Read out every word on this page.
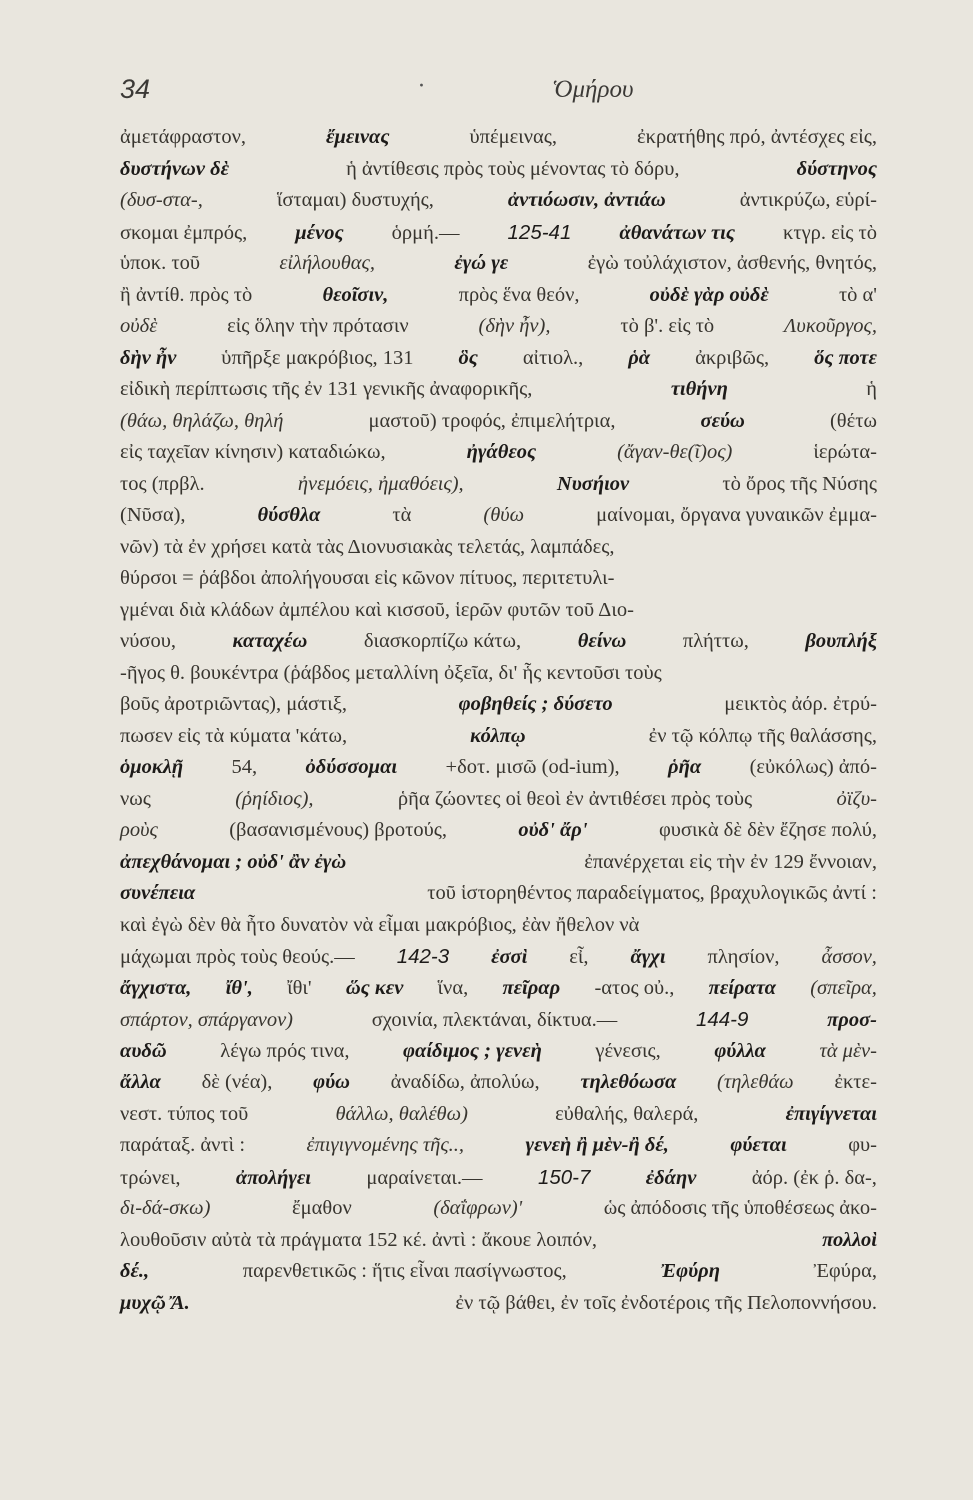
34	·	Ὁμήρου
ἀμετάφραστον,	ἔμεινας	ὑπέμεινας,	ἐκρατήθης πρό, ἀντέσχες εἰς,
δυστήνων δὲ	ἡ ἀντίθεσις πρὸς τοὺς μένοντας τὸ δόρυ,	δύστηνος
(δυσ-στα-,	ἵσταμαι) δυστυχής,	ἀντιόωσιν, ἀντιάω	ἀντικρύζω, εὑρί-
σκομαι ἐμπρός, μένος ὁρμή.— 125-41 ἀθανάτων τις κτγρ. εἰς τὸ
ὑποκ. τοῦ	εἰλήλουθας,	ἐγώ γε	ἐγὼ τοὐλάχιστον, ἀσθενής, θνητός,
ἢ ἀντίθ. πρὸς τὸ	θεοῖσιν,	πρὸς ἕνα θεόν,	οὐδὲ γὰρ οὐδὲ	τὸ α'
οὐδὲ	εἰς ὅλην τὴν πρότασιν	(δὴν ἦν),	τὸ β'. εἰς τὸ	Λυκοῦργος,
δὴν ἦν ὑπῆρξε μακρόβιος, 131 ὃς αἰτιολ., ῥὰ ἀκριβῶς, ὅς ποτε
εἰδικὴ περίπτωσις τῆς ἐν 131 γενικῆς ἀναφορικῆς,	τιθήνη	ἡ
(θάω, θηλάζω, θηλή	μαστοῦ) τροφός, ἐπιμελήτρια,	σεύω	(θέτω
εἰς ταχεῖαν κίνησιν) καταδιώκω,	ἠγάθεος	(ἄγαν-θε(ῖ)ος)	ἱερώτα-
τος (πρβλ.	ἠνεμόεις, ἠμαθόεις),	Νυσήιον	τὸ ὄρος τῆς Νύσης
(Νῦσα),	θύσθλα	τὰ	(θύω	μαίνομαι, ὄργανα γυναικῶν ἐμμα-
νῶν) τὰ ἐν χρήσει κατὰ τὰς Διονυσιακὰς τελετάς, λαμπάδες,
θύρσοι = ῥάβδοι ἀπολήγουσαι εἰς κῶνον πίτυος, περιτετυλι-
γμέναι διὰ κλάδων ἀμπέλου καὶ κισσοῦ, ἱερῶν φυτῶν τοῦ Διο-
νύσου,	καταχέω	διασκορπίζω κάτω,	θείνω	πλήττω,	βουπλήξ
-ῆγος θ. βουκέντρα (ῥάβδος μεταλλίνη ὀξεῖα, δι' ἧς κεντοῦσι τοὺς
βοῦς ἀροτριῶντας), μάστιξ,	φοβηθείς ; δύσετο	μεικτὸς ἀόρ. ἐτρύ-
πωσεν εἰς τὰ κύματα 'κάτω,	κόλπῳ	ἐν τῷ κόλπῳ τῆς θαλάσσης,
ὁμοκλῇ 54, ὀδύσσομαι +δοτ. μισῶ (od-ium), ῥῆα (εὐκόλως) ἀπό-
νως	(ῥηίδιος),	ῥῆα ζώοντες οἱ θεοὶ ἐν ἀντιθέσει πρὸς τοὺς	ὀϊζυ-
ροὺς	(βασανισμένους) βροτούς,	οὐδ' ἄρ'	φυσικὰ δὲ δὲν ἔζησε πολύ,
ἀπεχθάνομαι ; οὐδ' ἂν ἐγὼ	ἐπανέρχεται εἰς τὴν ἐν 129 ἔννοιαν,
συνέπεια	τοῦ ἱστορηθέντος παραδείγματος, βραχυλογικῶς ἀντί :
καὶ ἐγὼ δὲν θὰ ἦτο δυνατὸν νὰ εἶμαι μακρόβιος, ἐὰν ἤθελον νὰ
μάχωμαι πρὸς τοὺς θεούς.— 142-3 ἐσσὶ εἶ, ἄγχι πλησίον, ἆσσον,
ἄγχιστα, ἴθ', ἴθι' ὥς κεν ἵνα, πεῖραρ -ατος οὐ., πείρατα (σπεῖρα,
σπάρτον, σπάργανον)	σχοινία, πλεκτάναι, δίκτυα.—	144-9	προσ-
αυδῶ	λέγω πρός τινα,	φαίδιμος ; γενεὴ	γένεσις,	φύλλα	τὰ μὲν-
ἄλλα δὲ (νέα), φύω ἀναδίδω, ἀπολύω, τηλεθόωσα (τηλεθάω ἐκτε-
νεστ. τύπος τοῦ	θάλλω, θαλέθω)	εὐθαλής, θαλερά,	ἐπιγίγνεται
παράταξ. ἀντὶ :	ἐπιγιγνομένης τῆς..,	γενεὴ ἢ μὲν-ἢ δέ,	φύεται	φυ-
τρώνει,	ἀπολήγει	μαραίνεται.—	150-7	ἐδάην	ἀόρ. (ἐκ ῥ. δα-,
δι-δά-σκω)	ἔμαθον	(δαΐφρων)'	ὡς ἀπόδοσις τῆς ὑποθέσεως ἀκο-
λουθοῦσιν αὐτὰ τὰ πράγματα 152 κέ. ἀντὶ : ἄκουε λοιπόν,	πολλοὶ
δέ.,	παρενθετικῶς : ἥτις εἶναι πασίγνωστος,	Ἐφύρη	Ἐφύρα,
μυχῷ Ἄ.	ἐν τῷ βάθει, ἐν τοῖς ἐνδοτέροις τῆς Πελοποννήσου.
